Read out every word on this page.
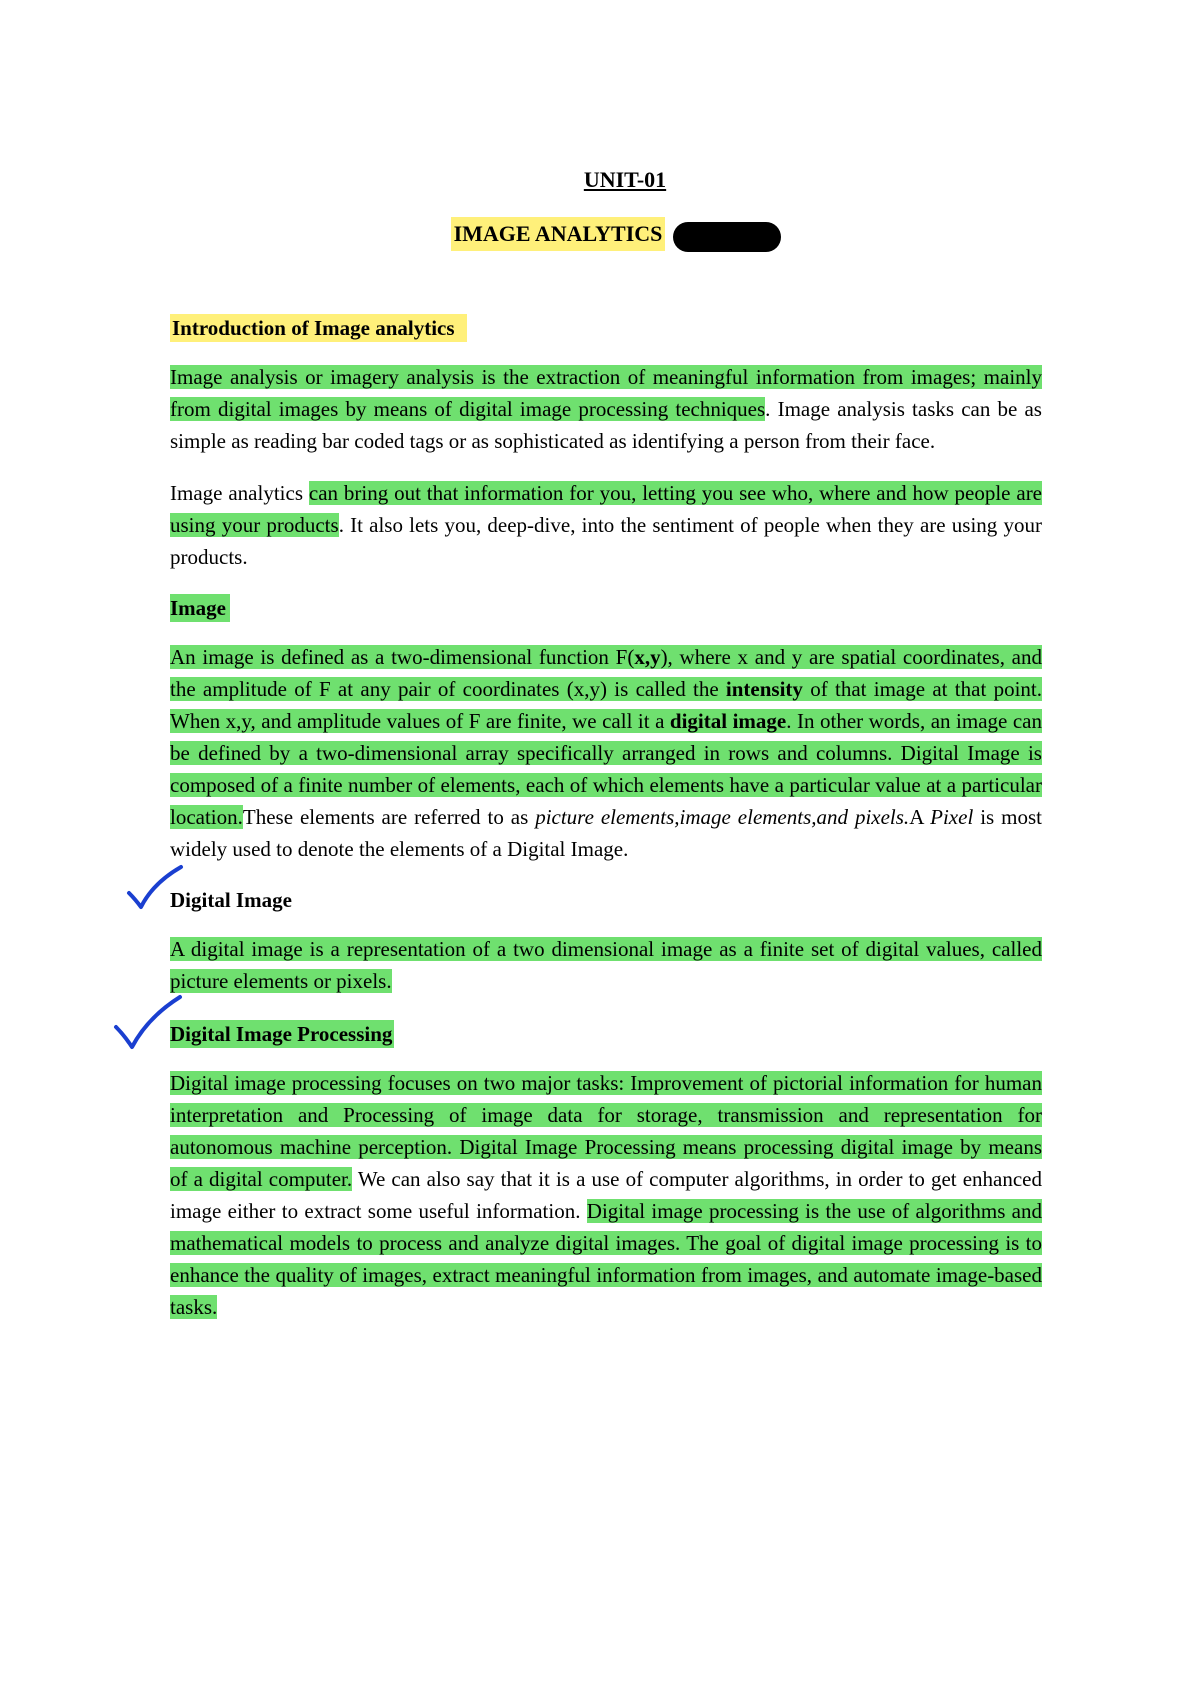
UNIT-01

IMAGE ANALYTICS

Introduction of Image analytics

Image analysis or imagery analysis is the extraction of meaningful information from images; mainly from digital images by means of digital image processing techniques. Image analysis tasks can be as simple as reading bar coded tags or as sophisticated as identifying a person from their face.

Image analytics can bring out that information for you, letting you see who, where and how people are using your products. It also lets you, deep-dive, into the sentiment of people when they are using your products.

Image

An image is defined as a two-dimensional function F(x,y), where x and y are spatial coordinates, and the amplitude of F at any pair of coordinates (x,y) is called the intensity of that image at that point. When x,y, and amplitude values of F are finite, we call it a digital image. In other words, an image can be defined by a two-dimensional array specifically arranged in rows and columns. Digital Image is composed of a finite number of elements, each of which elements have a particular value at a particular location.These elements are referred to as picture elements,image elements,and pixels.A Pixel is most widely used to denote the elements of a Digital Image.

Digital Image

A digital image is a representation of a two dimensional image as a finite set of digital values, called picture elements or pixels.

Digital Image Processing

Digital image processing focuses on two major tasks: Improvement of pictorial information for human interpretation and Processing of image data for storage, transmission and representation for autonomous machine perception. Digital Image Processing means processing digital image by means of a digital computer. We can also say that it is a use of computer algorithms, in order to get enhanced image either to extract some useful information. Digital image processing is the use of algorithms and mathematical models to process and analyze digital images. The goal of digital image processing is to enhance the quality of images, extract meaningful information from images, and automate image-based tasks.
